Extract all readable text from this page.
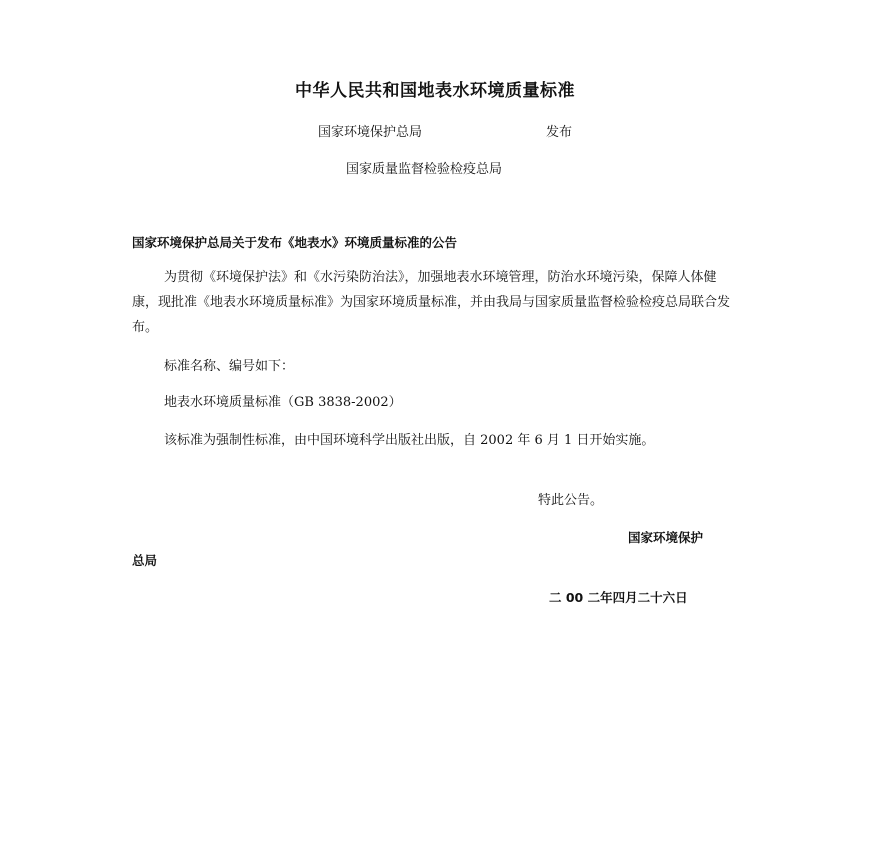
中华人民共和国地表水环境质量标准
国家环境保护总局	发布
国家质量监督检验检疫总局
国家环境保护总局关于发布《地表水》环境质量标准的公告
为贯彻《环境保护法》和《水污染防治法》，加强地表水环境管理，防治水环境污染，保障人体健康，现批准《地表水环境质量标准》为国家环境质量标准，并由我局与国家质量监督检验检疫总局联合发布。
标准名称、编号如下：
地表水环境质量标准（GB 3838-2002）
该标准为强制性标准，由中国环境科学出版社出版，自 2002 年 6 月 1 日开始实施。
特此公告。
国家环境保护
总局
二 00 二年四月二十六日
